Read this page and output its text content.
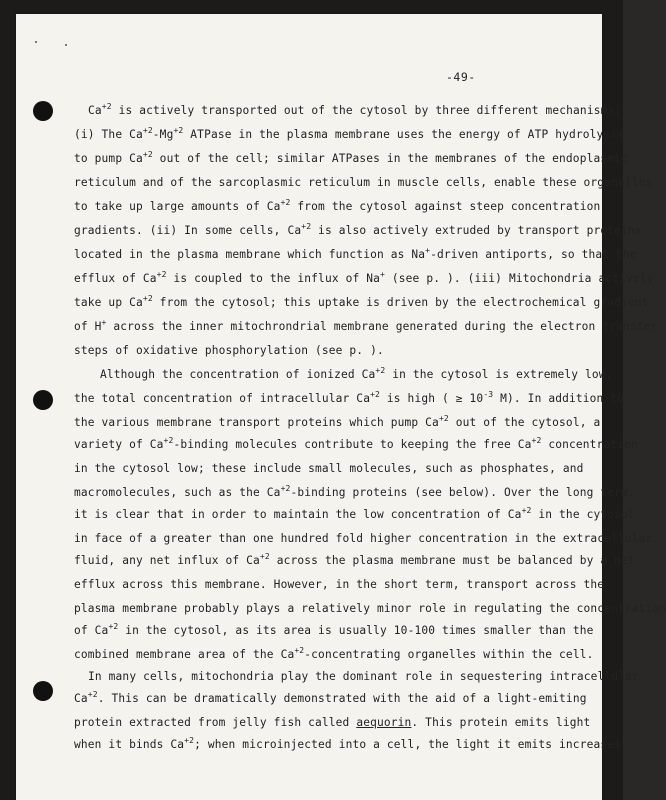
-49-
$Ca^{+2}$ is actively transported out of the cytosol by three different mechanisms:
(i) The $Ca^{+2}-Mg^{+2}$ ATPase in the plasma membrane uses the energy of ATP hydrolysis
to pump $Ca^{+2}$ out of the cell; similar ATPases in the membranes of the endoplasmic
reticulum and of the sarcoplasmic reticulum in muscle cells, enable these organelles
to take up large amounts of $Ca^{+2}$ from the cytosol against steep concentration
gradients. (ii) In some cells, $Ca^{+2}$ is also actively extruded by transport proteins
located in the plasma membrane which function as Na+-driven antiports, so that the
efflux of $Ca^{+2}$ is coupled to the influx of Na+ (see p. ). (iii) Mitochondria actively
take up $Ca^{+2}$ from the cytosol; this uptake is driven by the electrochemical gradient
of H+ across the inner mitochrondrial membrane generated during the electron transfer
steps of oxidative phosphorylation (see p. ).
Although the concentration of ionized $Ca^{+2}$ in the cytosol is extremely low,
the total concentration of intracellular $Ca^{+2}$ is high ( ≥ $10^{-3}$ M). In addition to
the various membrane transport proteins which pump $Ca^{+2}$ out of the cytosol, a
variety of $Ca^{+2}$-binding molecules contribute to keeping the free $Ca^{+2}$ concentration
in the cytosol low; these include small molecules, such as phosphates, and
macromolecules, such as the $Ca^{+2}$-binding proteins (see below). Over the long term,
it is clear that in order to maintain the low concentration of $Ca^{+2}$ in the cytosol
in face of a greater than one hundred fold higher concentration in the extracellular
fluid, any net influx of $Ca^{+2}$ across the plasma membrane must be balanced by a net
efflux across this membrane. However, in the short term, transport across the
plasma membrane probably plays a relatively minor role in regulating the concentration
of $Ca^{+2}$ in the cytosol, as its area is usually 10-100 times smaller than the
combined membrane area of the $Ca^{+2}$-concentrating organelles within the cell.
In many cells, mitochondria play the dominant role in sequestering intracellular
$Ca^{+2}$. This can be dramatically demonstrated with the aid of a light-emiting
protein extracted from jelly fish called aequorin. This protein emits light
when it binds $Ca^{+2}$; when microinjected into a cell, the light it emits increases
